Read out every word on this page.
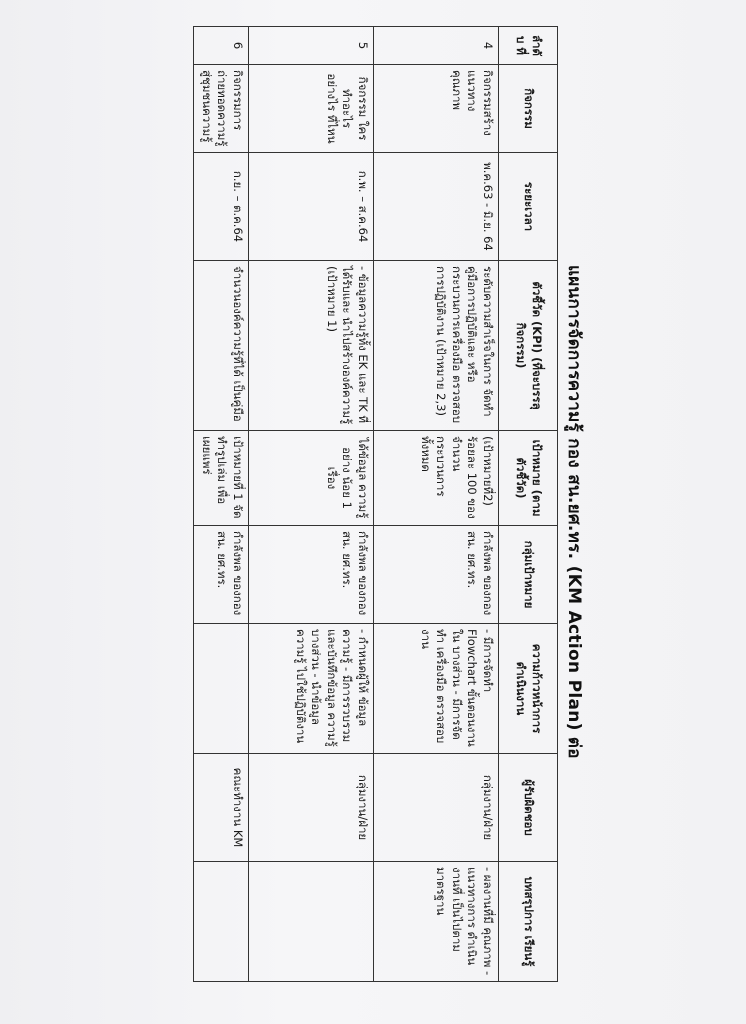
แผนการจัดการความรู้ กอง สน.ยศ.ทร. (KM Action Plan) ต่อ
ลำดับ ที่	กิจกรรม	ระยะเวลา	ตัวชี้วัด (KPI) (ที่จะบรรลุกิจกรรม)	เป้าหมาย (ตามตัวชี้วัด)	กลุ่มเป้าหมาย	ความก้าวหน้าการ ดำเนินงาน	ผู้รับผิดชอบ	บทสรุปการ เรียนรู้
4	กิจกรรมสร้าง แนวทางคุณภาพ	พ.ค.63 - มิ.ย. 64	ระดับความสำเร็จในการ จัดทำคู่มือการปฏิบัติและ หรือกระบวนการเครื่องมือ ตรวจสอบการปฏิบัติงาน (เป้าหมาย 2,3)	(เป้าหมายที่2) ร้อยละ 100 ของจำนวน กระบวนการ ทั้งหมด	กำลังพล ของกอง สน. ยศ.ทร.	- มีการจัดทำ Flowchart ขั้นตอนงานใน บางส่วน - มีการจัดทำ เครื่องมือ ตรวจสอบงาน	กลุ่มงาน/ฝ่าย	- ผลงานที่มี คุณภาพ - แนวทางการ ดำเนินงานที่ เป็นไปตาม มาตรฐาน
5	กิจกรรม ใครทำอะไร อย่างไร ที่ไหน	ก.พ. – ส.ค.64	- ข้อมูลความรู้ทั้ง EK และ TK ที่ได้รับและ นำไปสร้างองค์ความรู้ (เป้าหมาย 1)	ได้ข้อมูล ความรู้อย่าง น้อย 1 เรื่อง	กำลังพล ของกอง สน. ยศ.ทร.	- กำหนดผู้ให้ ข้อมูลความรู้ - มีการรวบรวม และบันทึกข้อมูล ความรู้บางส่วน - นำข้อมูลความรู้ ไปใช้ปฏิบัติงาน	กลุ่มงาน/ฝ่าย	
6	กิจกรรมการ ถ่ายทอดความรู้ สู่ชุมชนความรู้	ก.ย. – ต.ค.64	จำนวนองค์ความรู้ที่ได้ เป็นคู่มือ	เป้าหมายที่ 1 จัดทำรูปเล่ม เพื่อเผยแพร่	กำลังพล ของกอง สน. ยศ.ทร.		คณะทำงาน KM	
